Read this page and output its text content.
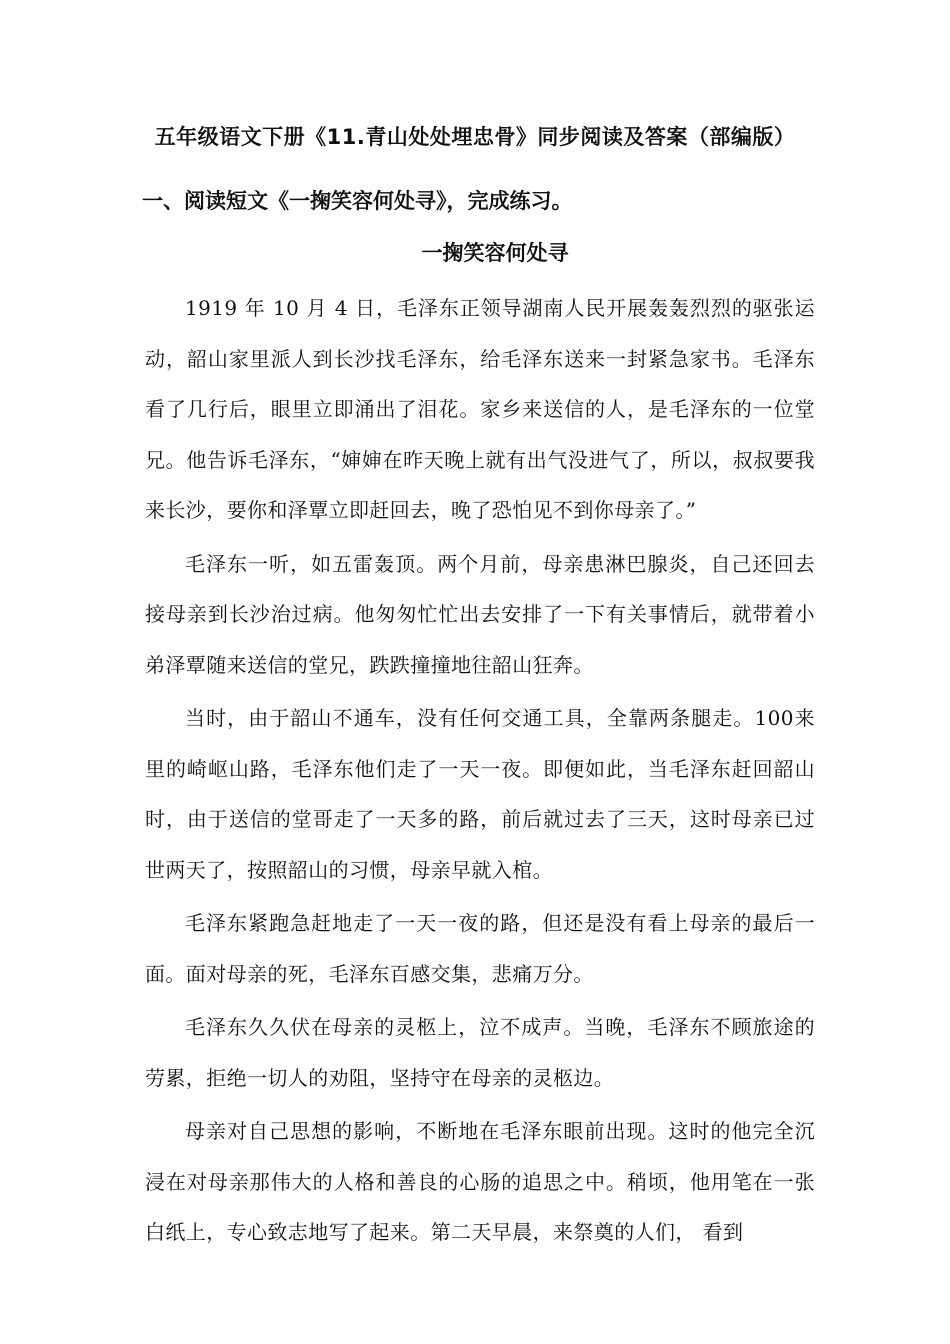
五年级语文下册《11.青山处处埋忠骨》同步阅读及答案（部编版）
一、阅读短文《一掬笑容何处寻》，完成练习。
一掬笑容何处寻

1919 年 10 月 4 日，毛泽东正领导湖南人民开展轰轰烈烈的驱张运动，韶山家里派人到长沙找毛泽东，给毛泽东送来一封紧急家书。毛泽东看了几行后，眼里立即涌出了泪花。家乡来送信的人，是毛泽东的一位堂兄。他告诉毛泽东，“婶婶在昨天晚上就有出气没进气了，所以，叔叔要我来长沙，要你和泽覃立即赶回去，晚了恐怕见不到你母亲了。”

毛泽东一听，如五雷轰顶。两个月前，母亲患淋巴腺炎，自己还回去接母亲到长沙治过病。他匆匆忙忙出去安排了一下有关事情后，就带着小弟泽覃随来送信的堂兄，跌跌撞撞地往韶山狂奔。

当时，由于韶山不通车，没有任何交通工具，全靠两条腿走。100来里的崎岖山路，毛泽东他们走了一天一夜。即便如此，当毛泽东赶回韶山时，由于送信的堂哥走了一天多的路，前后就过去了三天，这时母亲已过世两天了，按照韶山的习惯，母亲早就入棺。

毛泽东紧跑急赶地走了一天一夜的路，但还是没有看上母亲的最后一面。面对母亲的死，毛泽东百感交集，悲痛万分。

毛泽东久久伏在母亲的灵柩上，泣不成声。当晚，毛泽东不顾旅途的劳累，拒绝一切人的劝阻，坚持守在母亲的灵柩边。

母亲对自己思想的影响，不断地在毛泽东眼前出现。这时的他完全沉浸在对母亲那伟大的人格和善良的心肠的追思之中。稍顷，他用笔在一张白纸上，专心致志地写了起来。第二天早晨，来祭奠的人们， 看到
